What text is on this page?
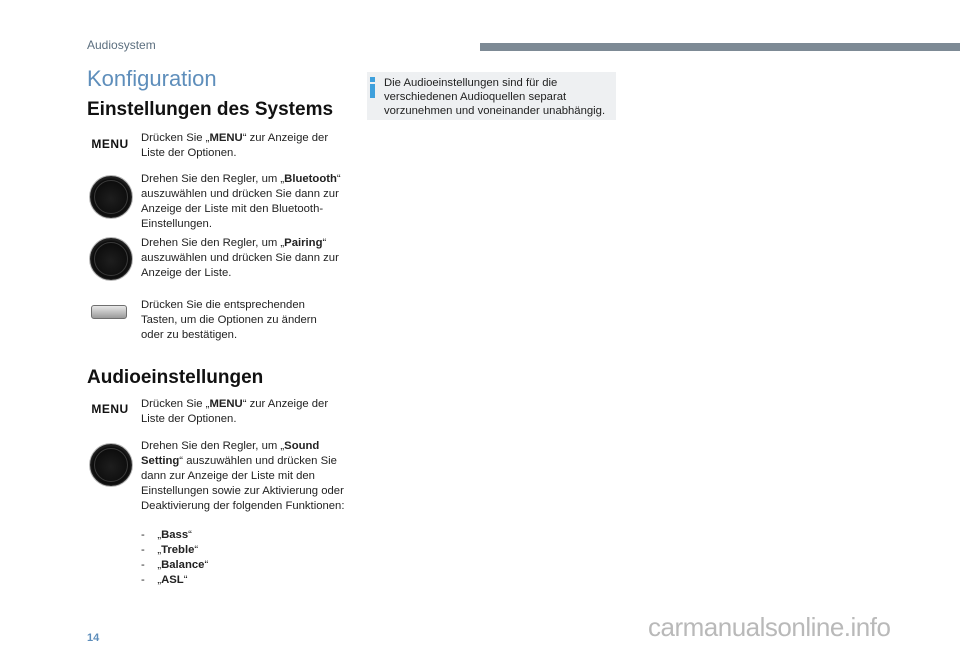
Audiosystem
Konfiguration
Einstellungen des Systems
MENU Drücken Sie „MENU“ zur Anzeige der Liste der Optionen.
Drehen Sie den Regler, um „Bluetooth“ auszuwählen und drücken Sie dann zur Anzeige der Liste mit den Bluetooth-Einstellungen.
Drehen Sie den Regler, um „Pairing“ auszuwählen und drücken Sie dann zur Anzeige der Liste.
Drücken Sie die entsprechenden Tasten, um die Optionen zu ändern oder zu bestätigen.
Audioeinstellungen
MENU Drücken Sie „MENU“ zur Anzeige der Liste der Optionen.
Drehen Sie den Regler, um „Sound Setting“ auszuwählen und drücken Sie dann zur Anzeige der Liste mit den Einstellungen sowie zur Aktivierung oder Deaktivierung der folgenden Funktionen:
-    „Bass“
-    „Treble“
-    „Balance“
-    „ASL“
Die Audioeinstellungen sind für die verschiedenen Audioquellen separat vorzunehmen und voneinander unabhängig.
14	carmanualsonline.info
